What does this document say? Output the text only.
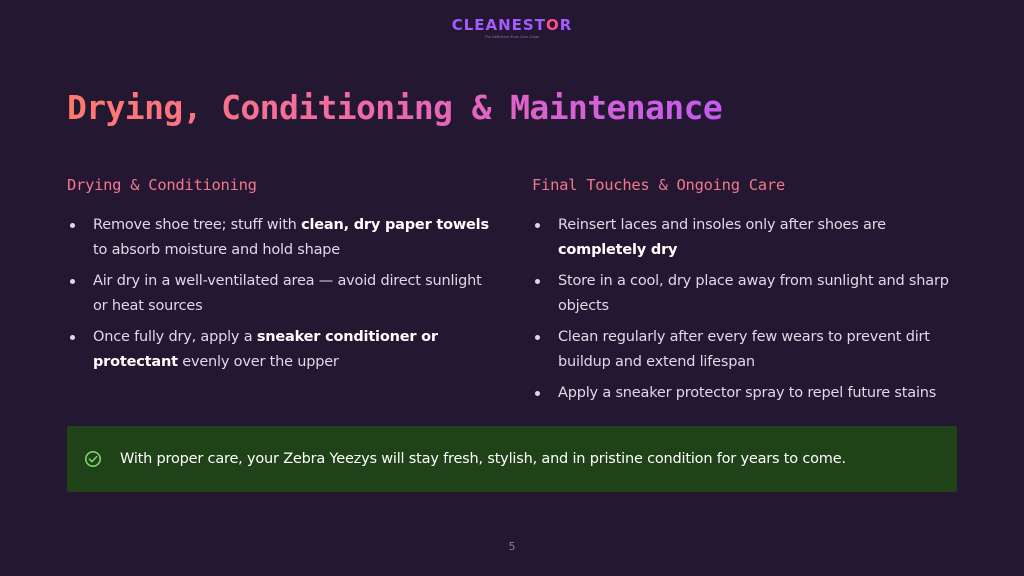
CLEANESTOR
The Definitive Shoe Care Guide
Drying, Conditioning & Maintenance
Drying & Conditioning
Remove shoe tree; stuff with clean, dry paper towels to absorb moisture and hold shape
Air dry in a well-ventilated area — avoid direct sunlight or heat sources
Once fully dry, apply a sneaker conditioner or protectant evenly over the upper
Final Touches & Ongoing Care
Reinsert laces and insoles only after shoes are completely dry
Store in a cool, dry place away from sunlight and sharp objects
Clean regularly after every few wears to prevent dirt buildup and extend lifespan
Apply a sneaker protector spray to repel future stains
With proper care, your Zebra Yeezys will stay fresh, stylish, and in pristine condition for years to come.
5
